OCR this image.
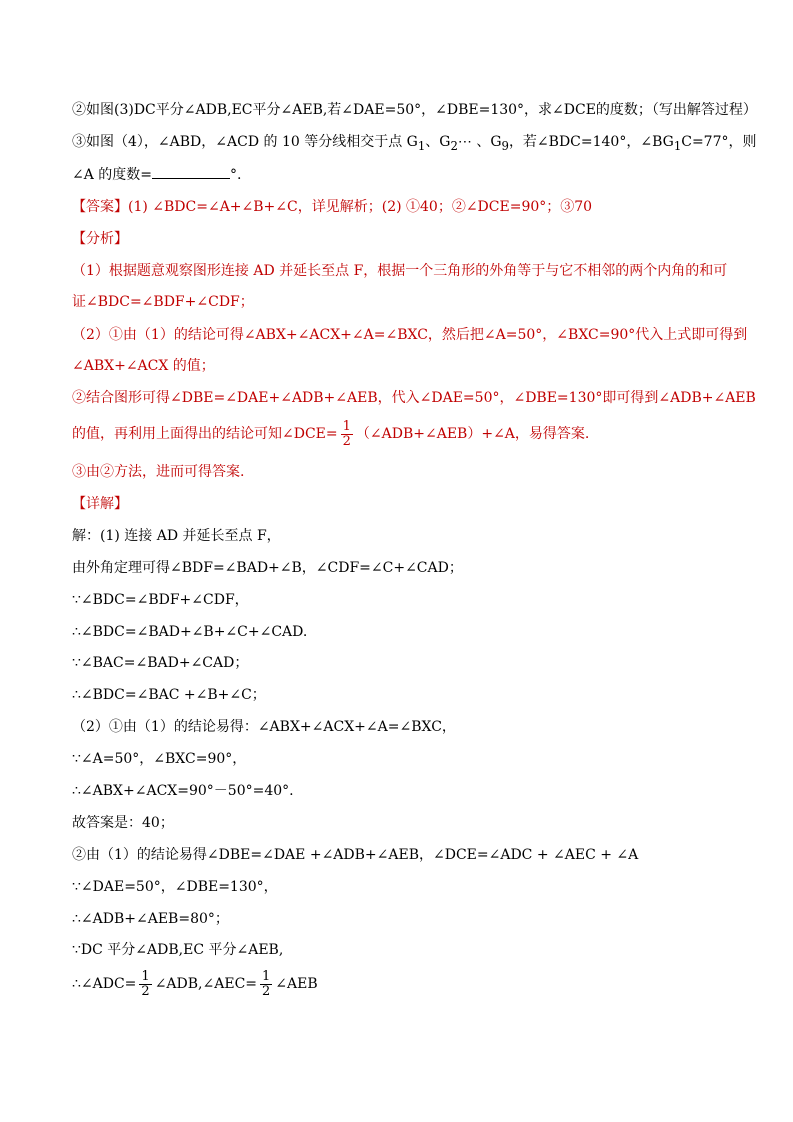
②如图(3)DC平分∠ADB,EC平分∠AEB,若∠DAE=50°，∠DBE=130°，求∠DCE的度数；（写出解答过程）
③如图（4），∠ABD，∠ACD 的 10 等分线相交于点 $G_1$、$G_2\cdots$ 、$G_9$，若∠BDC=140°，$\angle BG_1C=77^\circ$，则
∠A 的度数=	°.
【答案】(1) ∠BDC=∠A+∠B+∠C，详见解析；(2) ①40；②∠DCE=90°；③70
【分析】
（1）根据题意观察图形连接 AD 并延长至点 F，根据一个三角形的外角等于与它不相邻的两个内角的和可
证∠BDC=∠BDF+∠CDF；
（2）①由（1）的结论可得∠ABX+∠ACX+∠A=∠BXC，然后把∠A=50°，∠BXC=90°代入上式即可得到
∠ABX+∠ACX 的值；
②结合图形可得∠DBE=∠DAE+∠ADB+∠AEB，代入∠DAE=50°，∠DBE=130°即可得到∠ADB+∠AEB
的值，再利用上面得出的结论可知∠DCE= $\frac{1}{2}$ （∠ADB+∠AEB）+∠A，易得答案.
③由②方法，进而可得答案.
【详解】
解：(1) 连接 AD 并延长至点 F，
由外角定理可得∠BDF=∠BAD+∠B，∠CDF=∠C+∠CAD；
∵∠BDC=∠BDF+∠CDF，
∴∠BDC=∠BAD+∠B+∠C+∠CAD.
∵∠BAC=∠BAD+∠CAD；
∴∠BDC=∠BAC +∠B+∠C；
（2）①由（1）的结论易得：∠ABX+∠ACX+∠A=∠BXC，
∵∠A=50°，∠BXC=90°，
∴∠ABX+∠ACX=90°－50°=40°.
故答案是：40；
②由（1）的结论易得∠DBE=∠DAE +∠ADB+∠AEB，∠DCE=∠ADC + ∠AEC + ∠A
∵∠DAE=50°，∠DBE=130°，
∴∠ADB+∠AEB=80°；
∵DC 平分∠ADB,EC 平分∠AEB,
∴∠ADC= $\frac{1}{2}$ ∠ADB,∠AEC= $\frac{1}{2}$ ∠AEB
